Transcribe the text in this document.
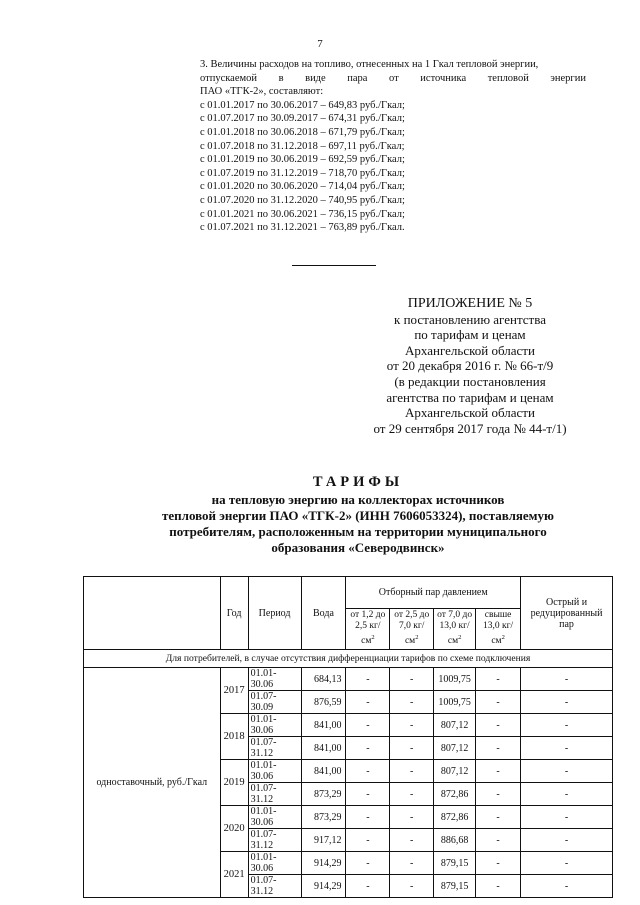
7

3. Величины расходов на топливо, отнесенных на 1 Гкал тепловой энергии,
отпускаемой в виде пара от источника тепловой энергии
ПАО «ТГК-2», составляют:

с 01.01.2017 по 30.06.2017 – 649,83 руб./Гкал;
с 01.07.2017 по 30.09.2017 – 674,31 руб./Гкал;
с 01.01.2018 по 30.06.2018 – 671,79 руб./Гкал;
с 01.07.2018 по 31.12.2018 – 697,11 руб./Гкал;
с 01.01.2019 по 30.06.2019 – 692,59 руб./Гкал;
с 01.07.2019 по 31.12.2019 – 718,70 руб./Гкал;
с 01.01.2020 по 30.06.2020 – 714,04 руб./Гкал;
с 01.07.2020 по 31.12.2020 – 740,95 руб./Гкал;
с 01.01.2021 по 30.06.2021 – 736,15 руб./Гкал;
с 01.07.2021 по 31.12.2021 – 763,89 руб./Гкал.
ПРИЛОЖЕНИЕ № 5
к постановлению агентства
по тарифам и ценам
Архангельской области
от 20 декабря 2016 г. № 66-т/9
(в редакции постановления
агентства по тарифам и ценам
Архангельской области
от 29 сентября 2017 года № 44-т/1)
ТАРИФЫ
на тепловую энергию на коллекторах источников
тепловой энергии ПАО «ТГК-2» (ИНН 7606053324), поставляемую
потребителям, расположенным на территории муниципального
образования «Северодвинск»
	Год	Период	Вода	Отборный пар давлением				Острый и редуцированный пар
				от 1,2 до 2,5 $кг/см^2$	от 2,5 до 7,0 $кг/см^2$	от 7,0 до 13,0 $кг/см^2$	свыше 13,0 $кг/см^2$
Для потребителей, в случае отсутствия дифференциации тарифов по схеме подключения								
одноставочный, руб./Гкал	2017	01.01-30.06	684,13	-	-	1009,75	-	-
		01.07-30.09	876,59	-	-	1009,75	-	-
	2018	01.01-30.06	841,00	-	-	807,12	-	-
		01.07-31.12	841,00	-	-	807,12	-	-
	2019	01.01-30.06	841,00	-	-	807,12	-	-
		01.07-31.12	873,29	-	-	872,86	-	-
	2020	01.01-30.06	873,29	-	-	872,86	-	-
		01.07-31.12	917,12	-	-	886,68	-	-
	2021	01.01-30.06	914,29	-	-	879,15	-	-
		01.07-31.12	914,29	-	-	879,15	-	-
